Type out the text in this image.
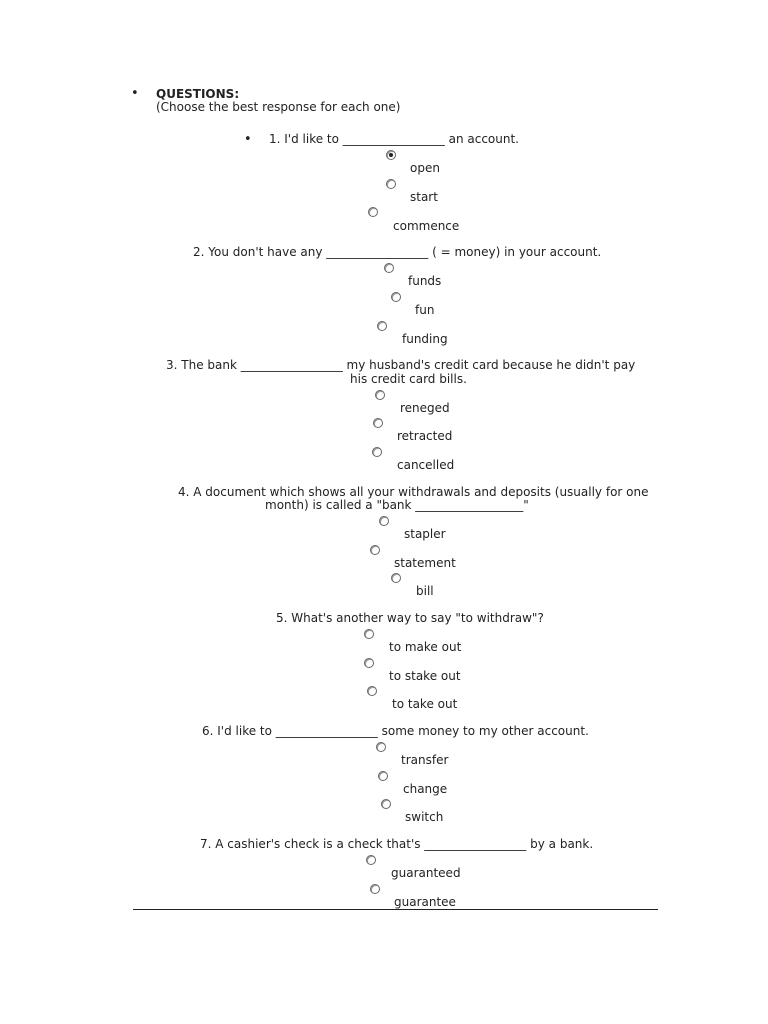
• QUESTIONS:
(Choose the best response for each one)
• 1. I'd like to _________________ an account.
open
start
commence
2. You don't have any _________________ ( = money) in your account.
funds
fun
funding
3. The bank _________________ my husband's credit card because he didn't pay
his credit card bills.
reneged
retracted
cancelled
4. A document which shows all your withdrawals and deposits (usually for one
month) is called a "bank __________________"
stapler
statement
bill
5. What's another way to say "to withdraw"?
to make out
to stake out
to take out
6. I'd like to _________________ some money to my other account.
transfer
change
switch
7. A cashier's check is a check that's _________________ by a bank.
guaranteed
guarantee
